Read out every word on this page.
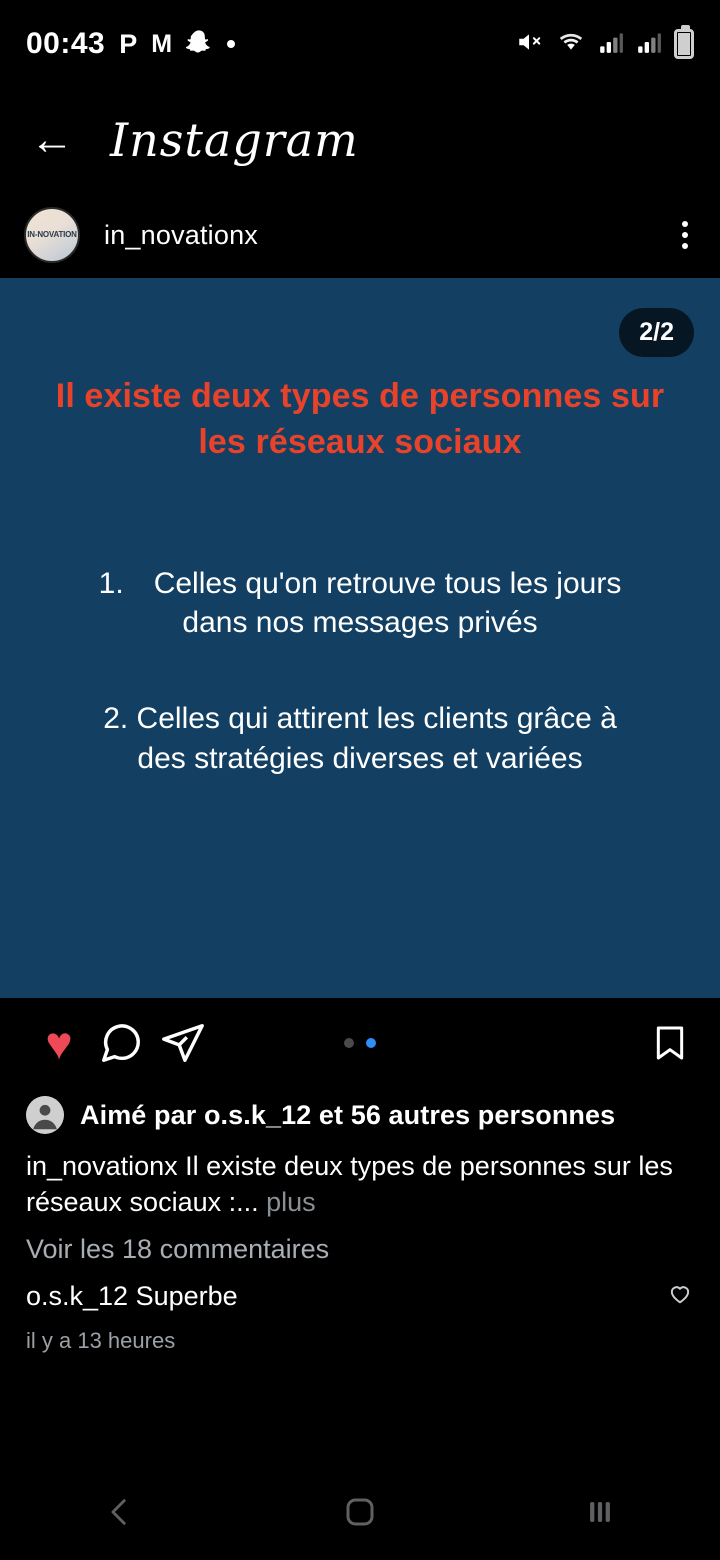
00:43 P M
← Instagram
IN-NOVATION in_novationx
2/2
Il existe deux types de personnes sur les réseaux sociaux
1. Celles qu'on retrouve tous les jours dans nos messages privés
2. Celles qui attirent les clients grâce à des stratégies diverses et variées
♥
Aimé par o.s.k_12 et 56 autres personnes
in_novationx Il existe deux types de personnes sur les réseaux sociaux :... plus
Voir les 18 commentaires
o.s.k_12
Superbe
il y a 13 heures
